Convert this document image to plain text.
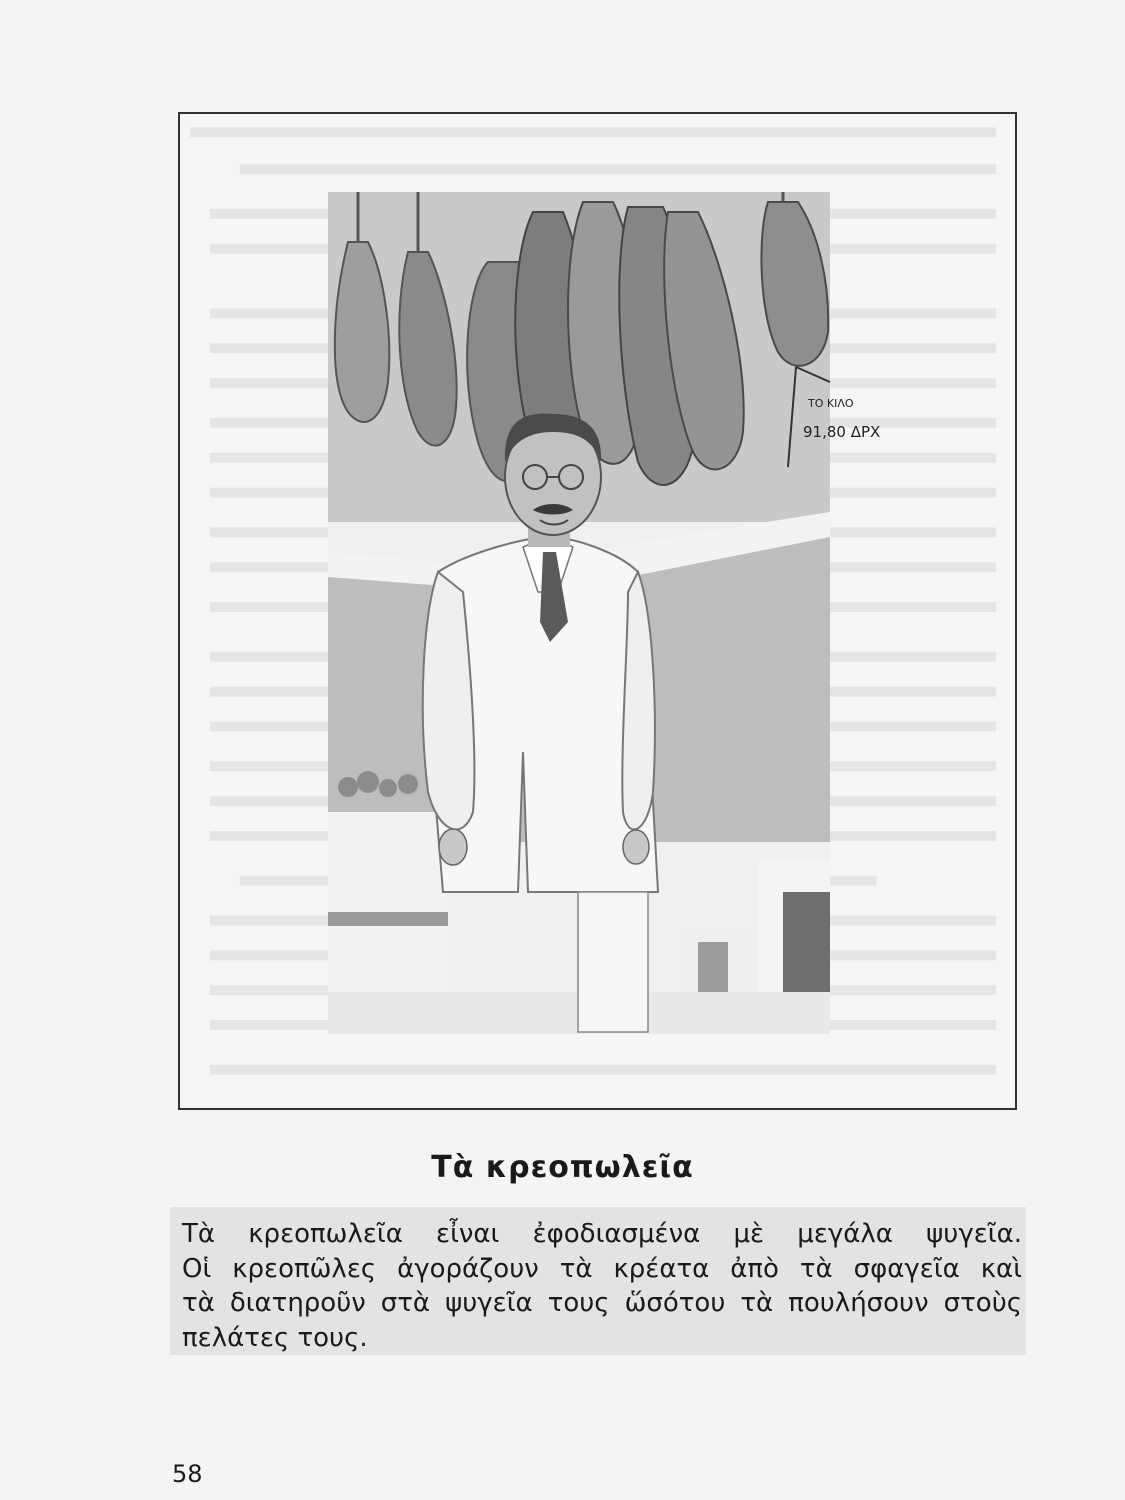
ΤΟ ΚΙΛΟ
91,80 ΔΡΧ
Τὰ κρεοπωλεῖα
Τὰ κρεοπωλεῖα εἶναι ἐφοδιασμένα μὲ μεγάλα ψυγεῖα.
Οἱ κρεοπῶλες ἀγοράζουν τὰ κρέατα ἀπὸ τὰ σφαγεῖα καὶ
τὰ διατηροῦν στὰ ψυγεῖα τους ὥσότου τὰ πουλήσουν στοὺς
πελάτες τους.
58
